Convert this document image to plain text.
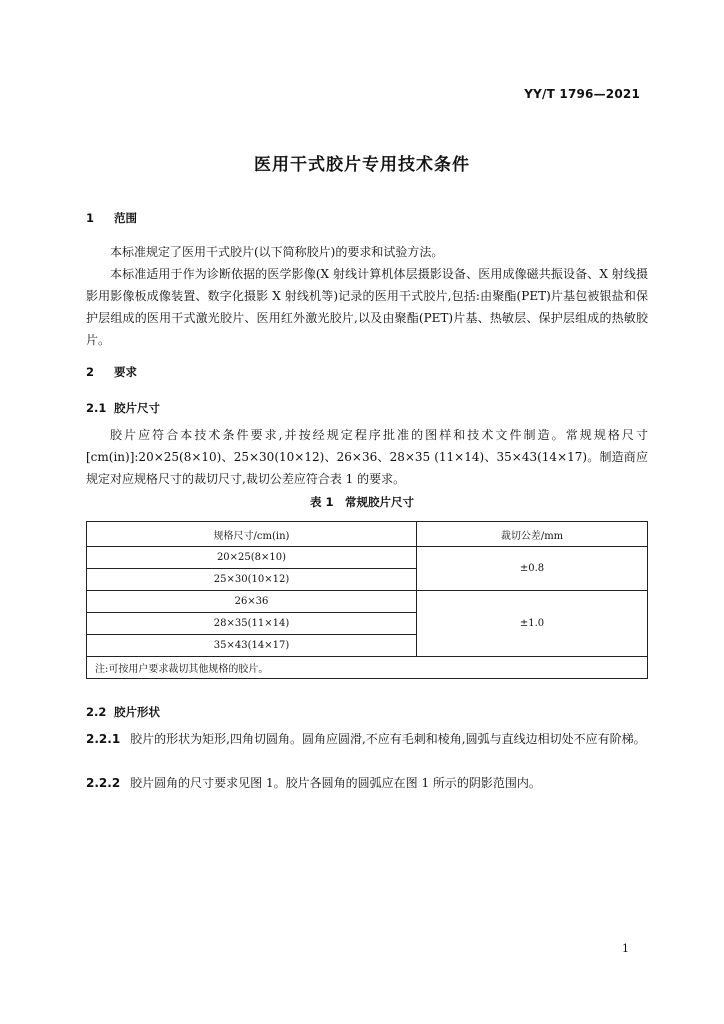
YY/T 1796—2021
医用干式胶片专用技术条件
1 范围

本标准规定了医用干式胶片(以下简称胶片)的要求和试验方法。

本标准适用于作为诊断依据的医学影像(X 射线计算机体层摄影设备、医用成像磁共振设备、X 射线摄影用影像板成像装置、数字化摄影 X 射线机等)记录的医用干式胶片,包括:由聚酯(PET)片基包被银盐和保护层组成的医用干式激光胶片、医用红外激光胶片,以及由聚酯(PET)片基、热敏层、保护层组成的热敏胶片。

2 要求
2.1 胶片尺寸

胶片应符合本技术条件要求,并按经规定程序批准的图样和技术文件制造。常规规格尺寸[cm(in)]:20×25(8×10)、25×30(10×12)、26×36、28×35 (11×14)、35×43(14×17)。制造商应规定对应规格尺寸的裁切尺寸,裁切公差应符合表 1 的要求。

表 1　常规胶片尺寸
规格尺寸/cm(in)	裁切公差/mm
20×25(8×10)	±0.8
25×30(10×12)	
26×36	±1.0
28×35(11×14)	
35×43(14×17)	
注:可按用户要求裁切其他规格的胶片。	
2.2 胶片形状
2.2.1 胶片的形状为矩形,四角切圆角。圆角应圆滑,不应有毛刺和棱角,圆弧与直线边相切处不应有阶梯。
2.2.2 胶片圆角的尺寸要求见图 1。胶片各圆角的圆弧应在图 1 所示的阴影范围内。
1
